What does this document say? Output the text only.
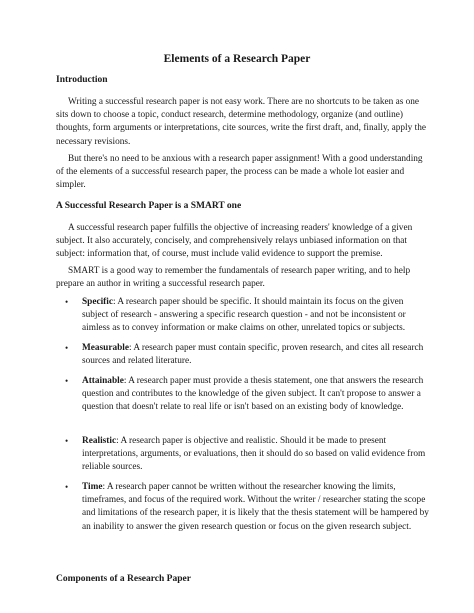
Elements of a Research Paper
Introduction

Writing a successful research paper is not easy work. There are no shortcuts to be taken as one sits down to choose a topic, conduct research, determine methodology, organize (and outline) thoughts, form arguments or interpretations, cite sources, write the first draft, and, finally, apply the necessary revisions.

But there's no need to be anxious with a research paper assignment! With a good understanding of the elements of a successful research paper, the process can be made a whole lot easier and simpler.

A Successful Research Paper is a SMART one

A successful research paper fulfills the objective of increasing readers' knowledge of a given subject. It also accurately, concisely, and comprehensively relays unbiased information on that subject: information that, of course, must include valid evidence to support the premise.

SMART is a good way to remember the fundamentals of research paper writing, and to help prepare an author in writing a successful research paper.

• Specific: A research paper should be specific. It should maintain its focus on the given subject of research - answering a specific research question - and not be inconsistent or aimless as to convey information or make claims on other, unrelated topics or subjects.
• Measurable: A research paper must contain specific, proven research, and cites all research sources and related literature.
• Attainable: A research paper must provide a thesis statement, one that answers the research question and contributes to the knowledge of the given subject. It can't propose to answer a question that doesn't relate to real life or isn't based on an existing body of knowledge.
• Realistic: A research paper is objective and realistic. Should it be made to present interpretations, arguments, or evaluations, then it should do so based on valid evidence from reliable sources.
• Time: A research paper cannot be written without the researcher knowing the limits, timeframes, and focus of the required work. Without the writer / researcher stating the scope and limitations of the research paper, it is likely that the thesis statement will be hampered by an inability to answer the given research question or focus on the given research subject.
Components of a Research Paper
